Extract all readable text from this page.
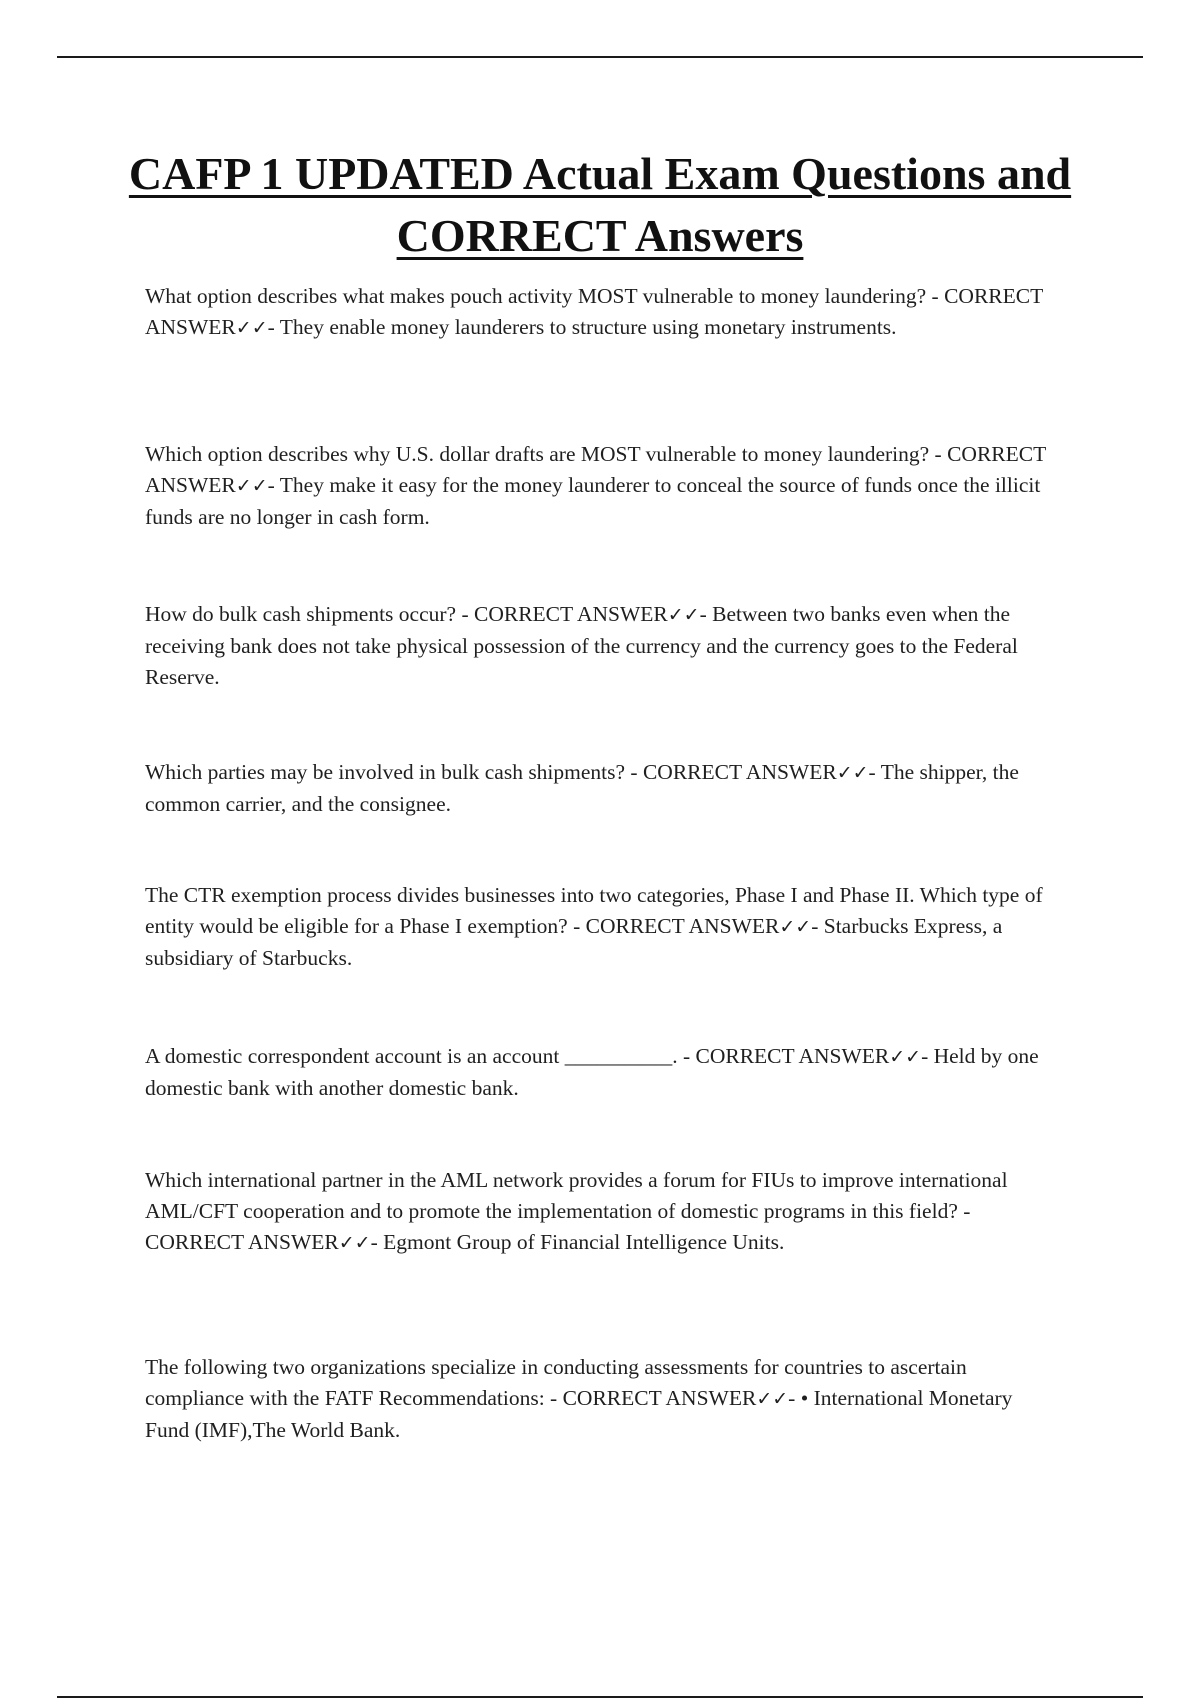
CAFP 1 UPDATED Actual Exam Questions and CORRECT Answers

What option describes what makes pouch activity MOST vulnerable to money laundering? - CORRECT ANSWER✓✓- They enable money launderers to structure using monetary instruments.

Which option describes why U.S. dollar drafts are MOST vulnerable to money laundering? - CORRECT ANSWER✓✓- They make it easy for the money launderer to conceal the source of funds once the illicit funds are no longer in cash form.

How do bulk cash shipments occur? - CORRECT ANSWER✓✓- Between two banks even when the receiving bank does not take physical possession of the currency and the currency goes to the Federal Reserve.

Which parties may be involved in bulk cash shipments? - CORRECT ANSWER✓✓- The shipper, the common carrier, and the consignee.

The CTR exemption process divides businesses into two categories, Phase I and Phase II. Which type of entity would be eligible for a Phase I exemption? - CORRECT ANSWER✓✓- Starbucks Express, a subsidiary of Starbucks.

A domestic correspondent account is an account __________. - CORRECT ANSWER✓✓- Held by one domestic bank with another domestic bank.

Which international partner in the AML network provides a forum for FIUs to improve international AML/CFT cooperation and to promote the implementation of domestic programs in this field? - CORRECT ANSWER✓✓- Egmont Group of Financial Intelligence Units.

The following two organizations specialize in conducting assessments for countries to ascertain compliance with the FATF Recommendations: - CORRECT ANSWER✓✓- • International Monetary Fund (IMF),The World Bank.
